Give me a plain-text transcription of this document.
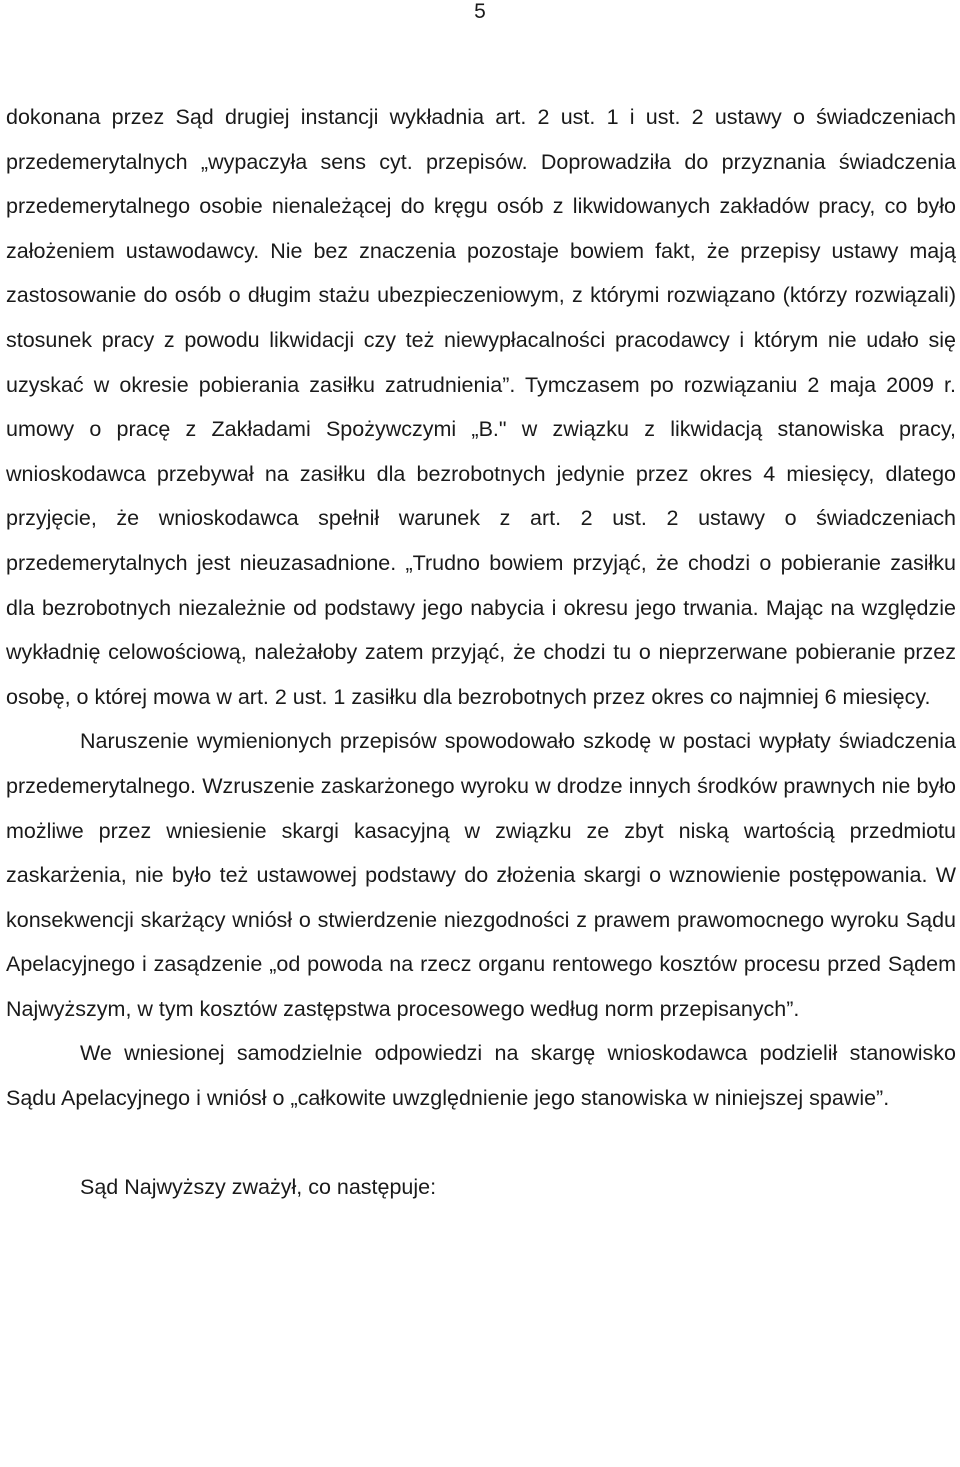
5

dokonana przez Sąd drugiej instancji wykładnia art. 2 ust. 1 i ust. 2 ustawy o świadczeniach przedemerytalnych „wypaczyła sens cyt. przepisów. Doprowadziła do przyznania świadczenia przedemerytalnego osobie nienależącej do kręgu osób z likwidowanych zakładów pracy, co było założeniem ustawodawcy. Nie bez znaczenia pozostaje bowiem fakt, że przepisy ustawy mają zastosowanie do osób o długim stażu ubezpieczeniowym, z którymi rozwiązano (którzy rozwiązali) stosunek pracy z powodu likwidacji czy też niewypłacalności pracodawcy i którym nie udało się uzyskać w okresie pobierania zasiłku zatrudnienia”. Tymczasem po rozwiązaniu 2 maja 2009 r. umowy o pracę z Zakładami Spożywczymi „B." w związku z likwidacją stanowiska pracy, wnioskodawca przebywał na zasiłku dla bezrobotnych jedynie przez okres 4 miesięcy, dlatego przyjęcie, że wnioskodawca spełnił warunek z art. 2 ust. 2 ustawy o świadczeniach przedemerytalnych jest nieuzasadnione. „Trudno bowiem przyjąć, że chodzi o pobieranie zasiłku dla bezrobotnych niezależnie od podstawy jego nabycia i okresu jego trwania. Mając na względzie wykładnię celowościową, należałoby zatem przyjąć, że chodzi tu o nieprzerwane pobieranie przez osobę, o której mowa w art. 2 ust. 1 zasiłku dla bezrobotnych przez okres co najmniej 6 miesięcy.

Naruszenie wymienionych przepisów spowodowało szkodę w postaci wypłaty świadczenia przedemerytalnego. Wzruszenie zaskarżonego wyroku w drodze innych środków prawnych nie było możliwe przez wniesienie skargi kasacyjną w związku ze zbyt niską wartością przedmiotu zaskarżenia, nie było też ustawowej podstawy do złożenia skargi o wznowienie postępowania. W konsekwencji skarżący wniósł o stwierdzenie niezgodności z prawem prawomocnego wyroku Sądu Apelacyjnego i zasądzenie „od powoda na rzecz organu rentowego kosztów procesu przed Sądem Najwyższym, w tym kosztów zastępstwa procesowego według norm przepisanych”.

We wniesionej samodzielnie odpowiedzi na skargę wnioskodawca podzielił stanowisko Sądu Apelacyjnego i wniósł o „całkowite uwzględnienie jego stanowiska w niniejszej spawie”.

Sąd Najwyższy zważył, co następuje:
